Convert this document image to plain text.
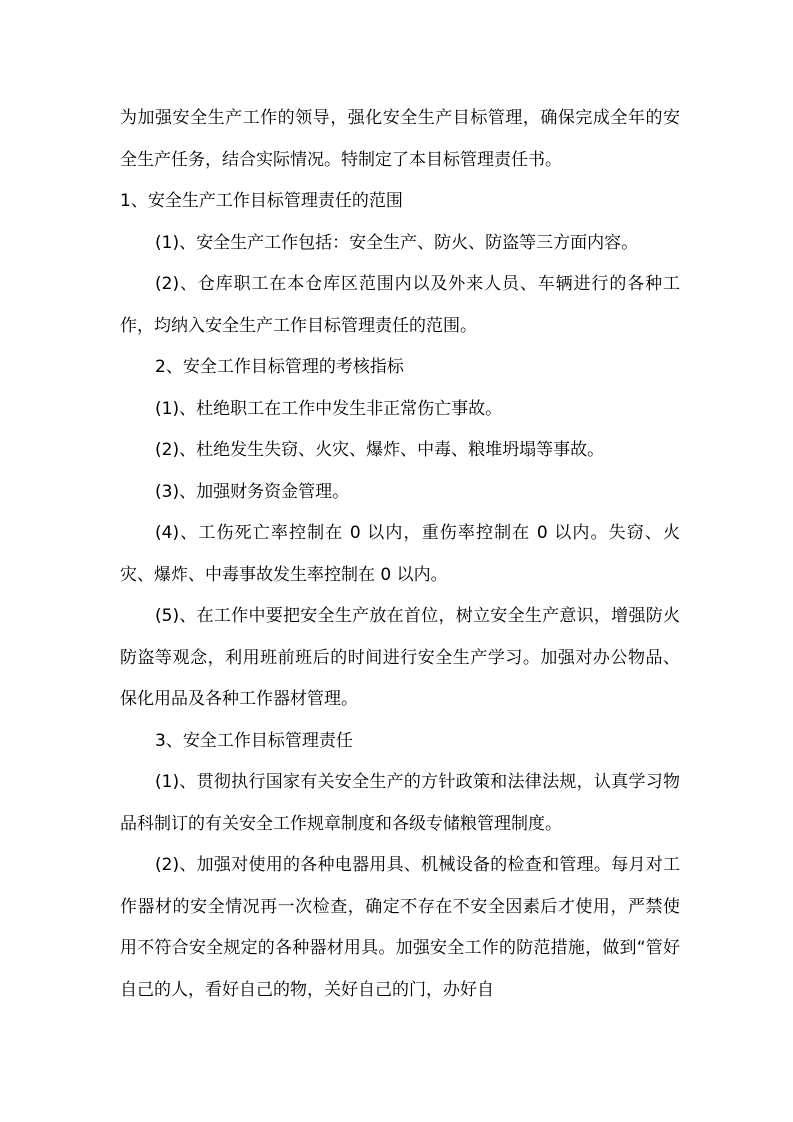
为加强安全生产工作的领导，强化安全生产目标管理，确保完成全年的安全生产任务，结合实际情况。特制定了本目标管理责任书。

1、安全生产工作目标管理责任的范围

(1)、安全生产工作包括：安全生产、防火、防盗等三方面内容。

(2)、仓库职工在本仓库区范围内以及外来人员、车辆进行的各种工作，均纳入安全生产工作目标管理责任的范围。

2、安全工作目标管理的考核指标

(1)、杜绝职工在工作中发生非正常伤亡事故。

(2)、杜绝发生失窃、火灾、爆炸、中毒、粮堆坍塌等事故。

(3)、加强财务资金管理。

(4)、工伤死亡率控制在 0 以内，重伤率控制在 0 以内。失窃、火灾、爆炸、中毒事故发生率控制在 0 以内。

(5)、在工作中要把安全生产放在首位，树立安全生产意识，增强防火防盗等观念，利用班前班后的时间进行安全生产学习。加强对办公物品、保化用品及各种工作器材管理。

3、安全工作目标管理责任

(1)、贯彻执行国家有关安全生产的方针政策和法律法规，认真学习物品科制订的有关安全工作规章制度和各级专储粮管理制度。

(2)、加强对使用的各种电器用具、机械设备的检查和管理。每月对工作器材的安全情况再一次检查，确定不存在不安全因素后才使用，严禁使用不符合安全规定的各种器材用具。加强安全工作的防范措施，做到“管好自己的人，看好自己的物，关好自己的门，办好自
